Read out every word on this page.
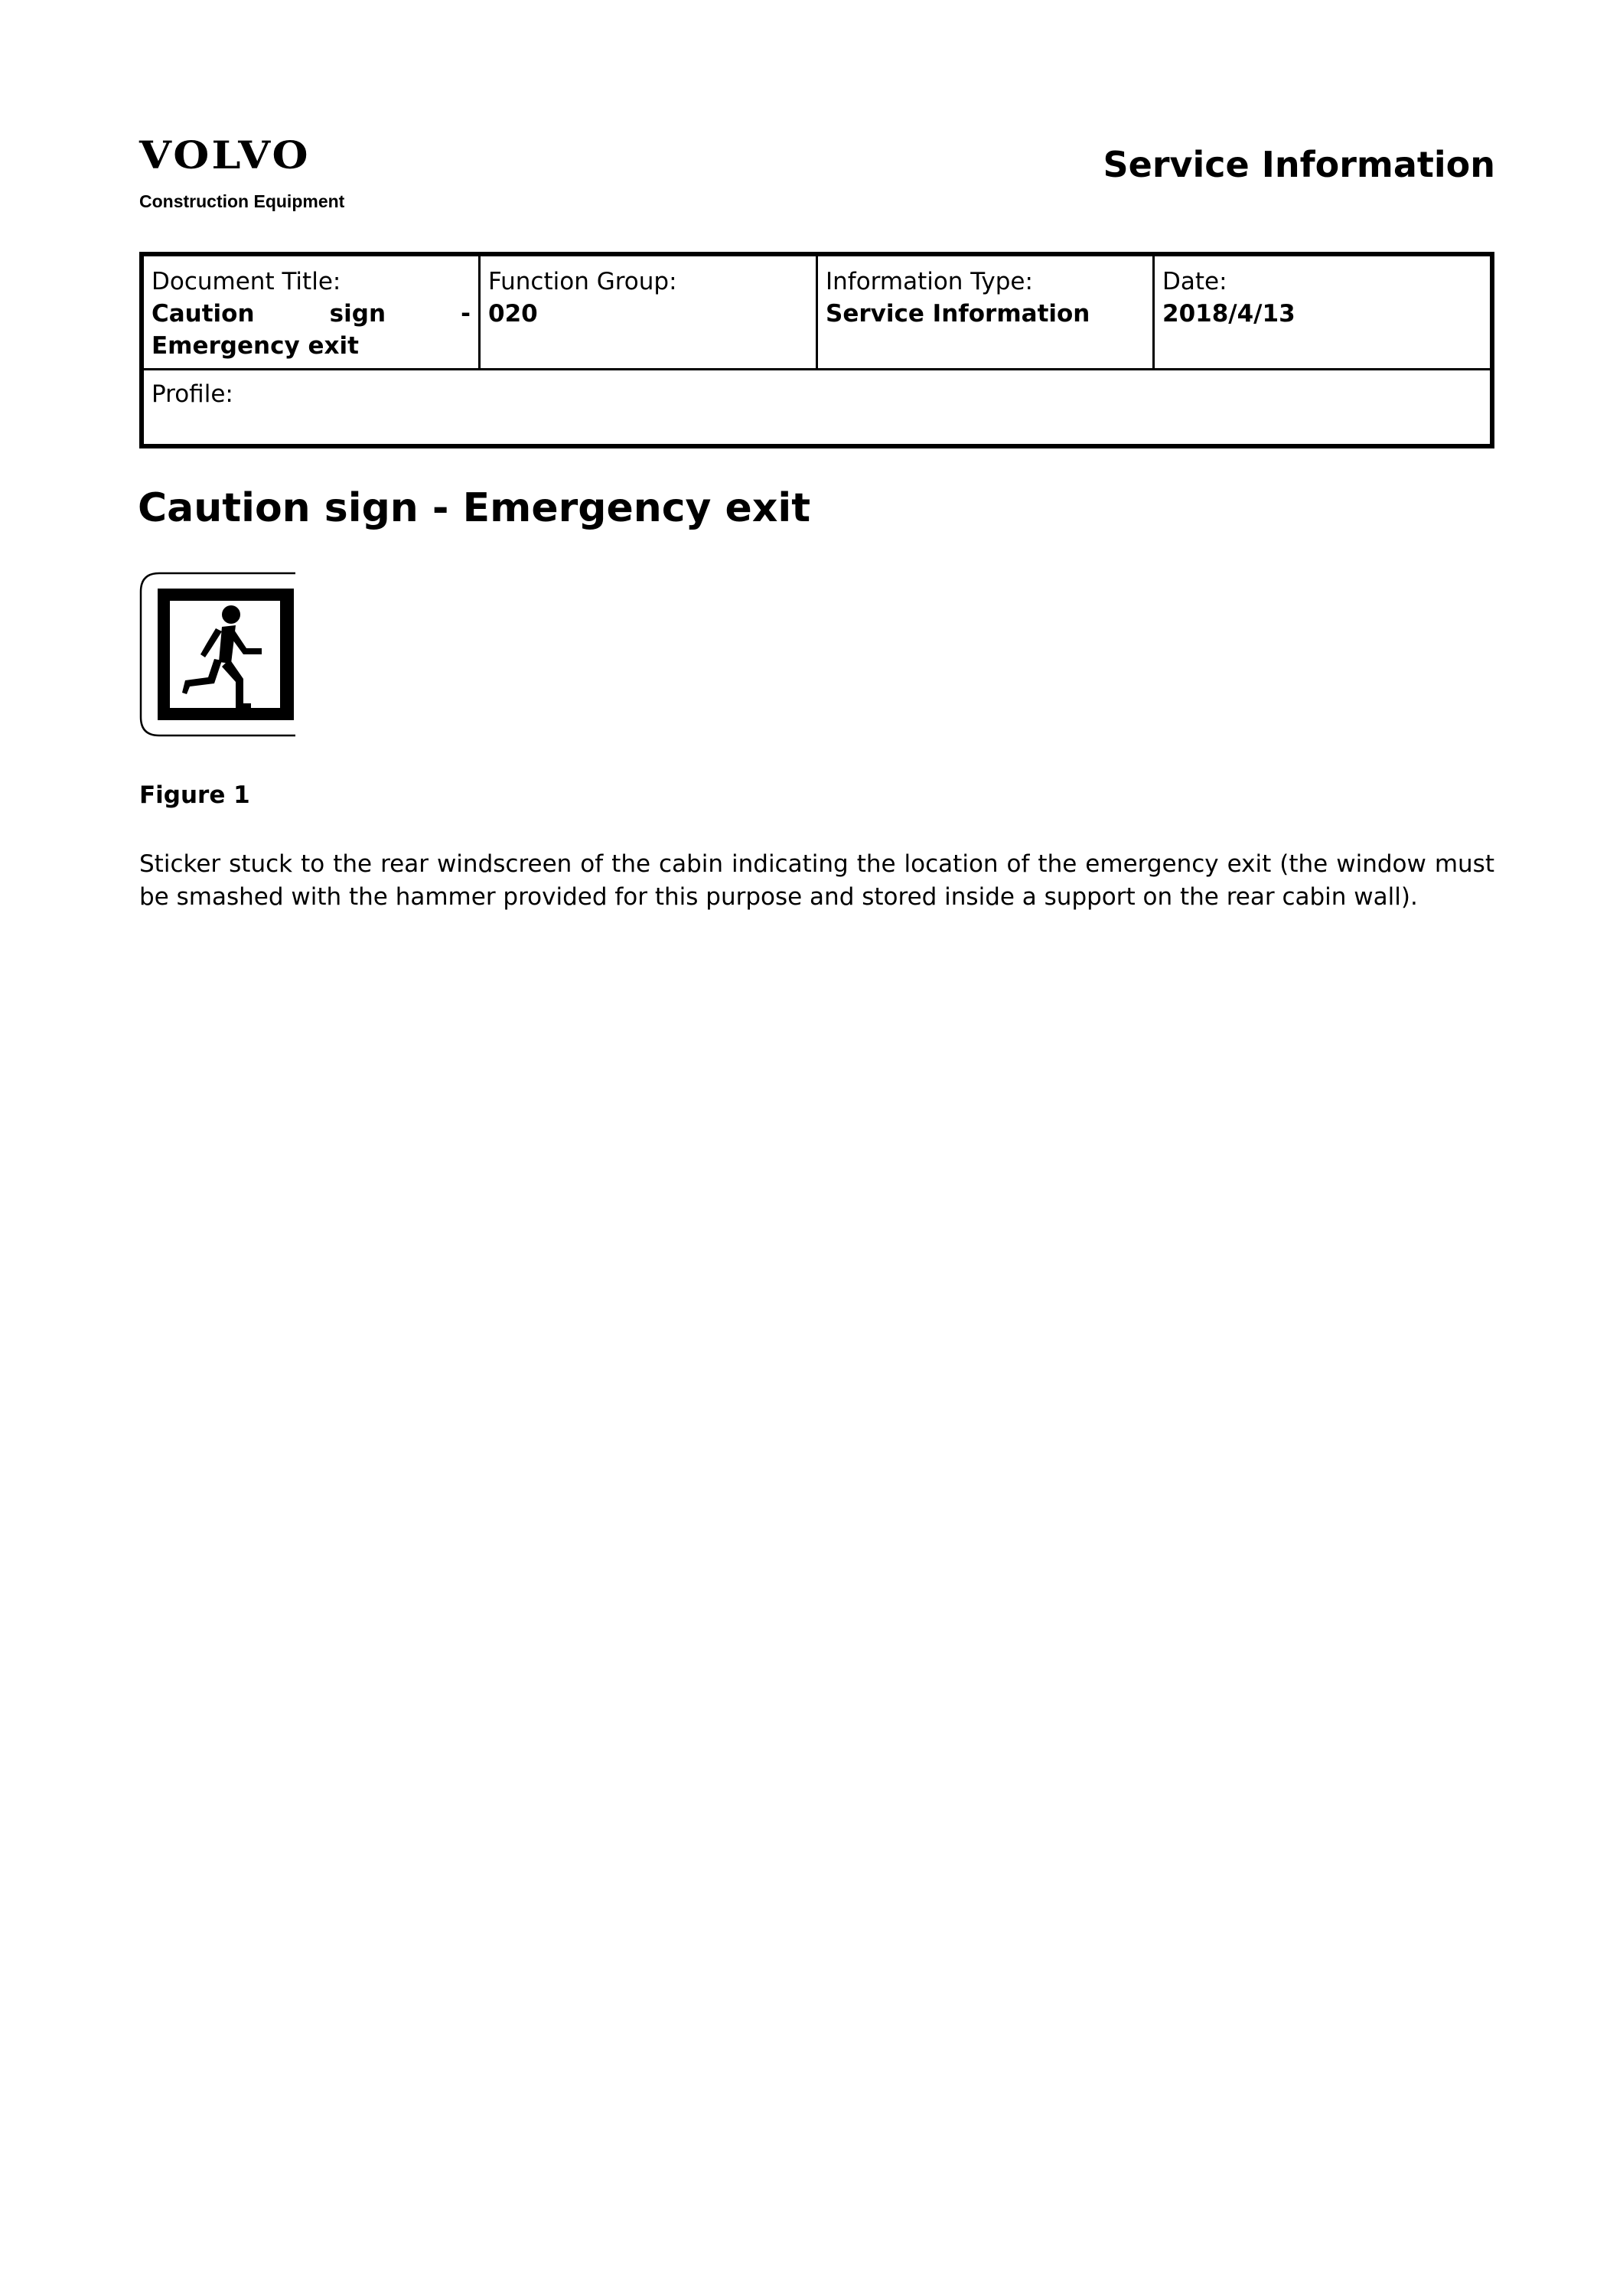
VOLVO
Construction Equipment
Service Information
Document Title:
Caution sign - Emergency exit
Function Group:
020
Information Type:
Service Information
Date:
2018/4/13
Profile:
Caution sign - Emergency exit
Figure 1

Sticker stuck to the rear windscreen of the cabin indicating the location of the emergency exit (the window must be smashed with the hammer provided for this purpose and stored inside a support on the rear cabin wall).
